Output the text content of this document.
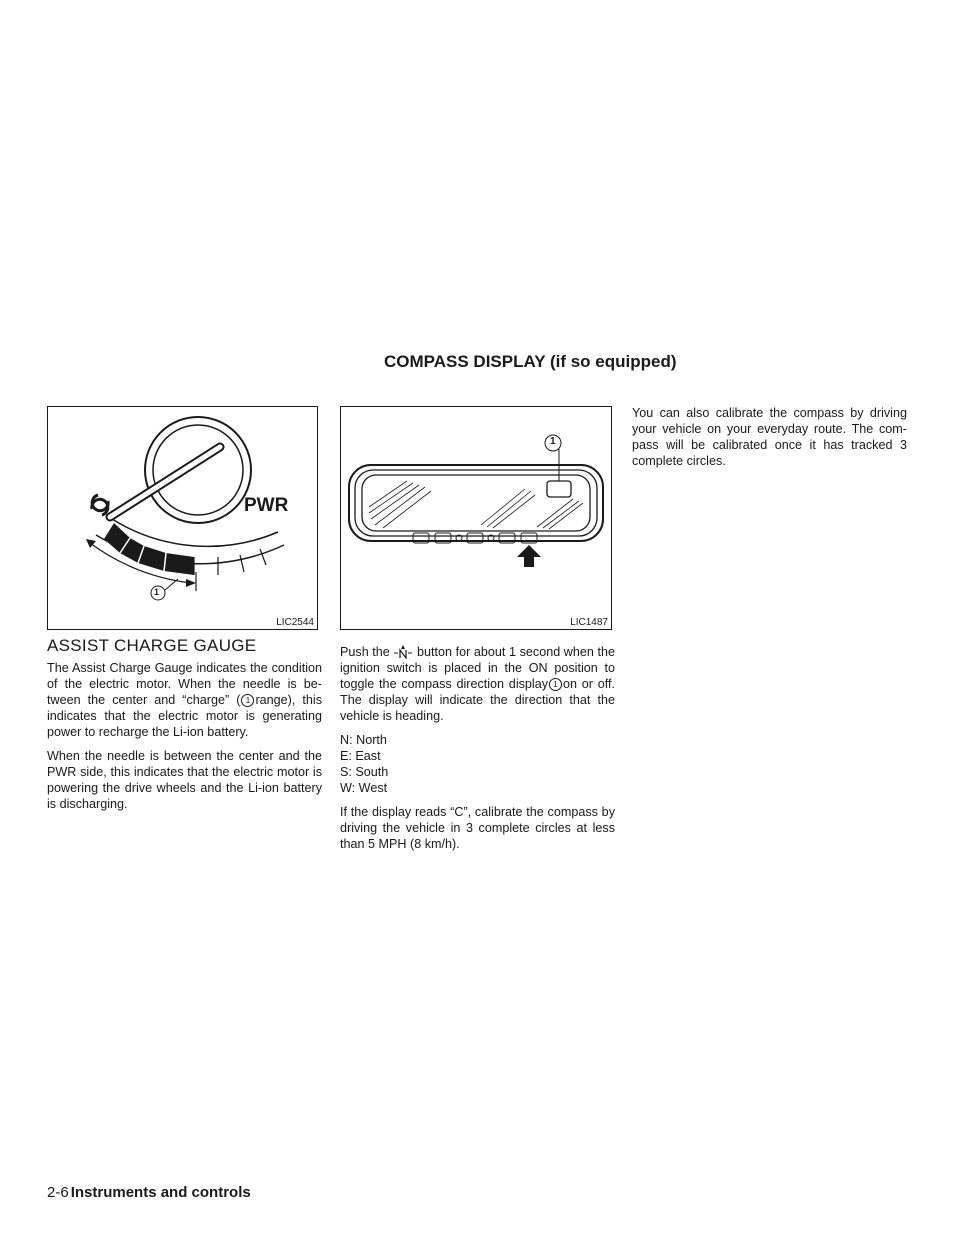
COMPASS DISPLAY (if so equipped)
PWR
1
LIC2544
1
LIC1487
ASSIST CHARGE GAUGE

The Assist Charge Gauge indicates the condition of the electric motor. When the needle is be-tween the center and “charge” ( 1 range), this indicates that the electric motor is generating power to recharge the Li-ion battery.

When the needle is between the center and the PWR side, this indicates that the electric motor is powering the drive wheels and the Li-ion battery is discharging.

Push the button for about 1 second when the ignition switch is placed in the ON position to toggle the compass direction display 1 on or off. The display will indicate the direction that the vehicle is heading.

N: North

E: East

S: South

W: West

If the display reads “C”, calibrate the compass by driving the vehicle in 3 complete circles at less than 5 MPH (8 km/h).

You can also calibrate the compass by driving your vehicle on your everyday route. The com-pass will be calibrated once it has tracked 3 complete circles.

2-6 Instruments and controls
